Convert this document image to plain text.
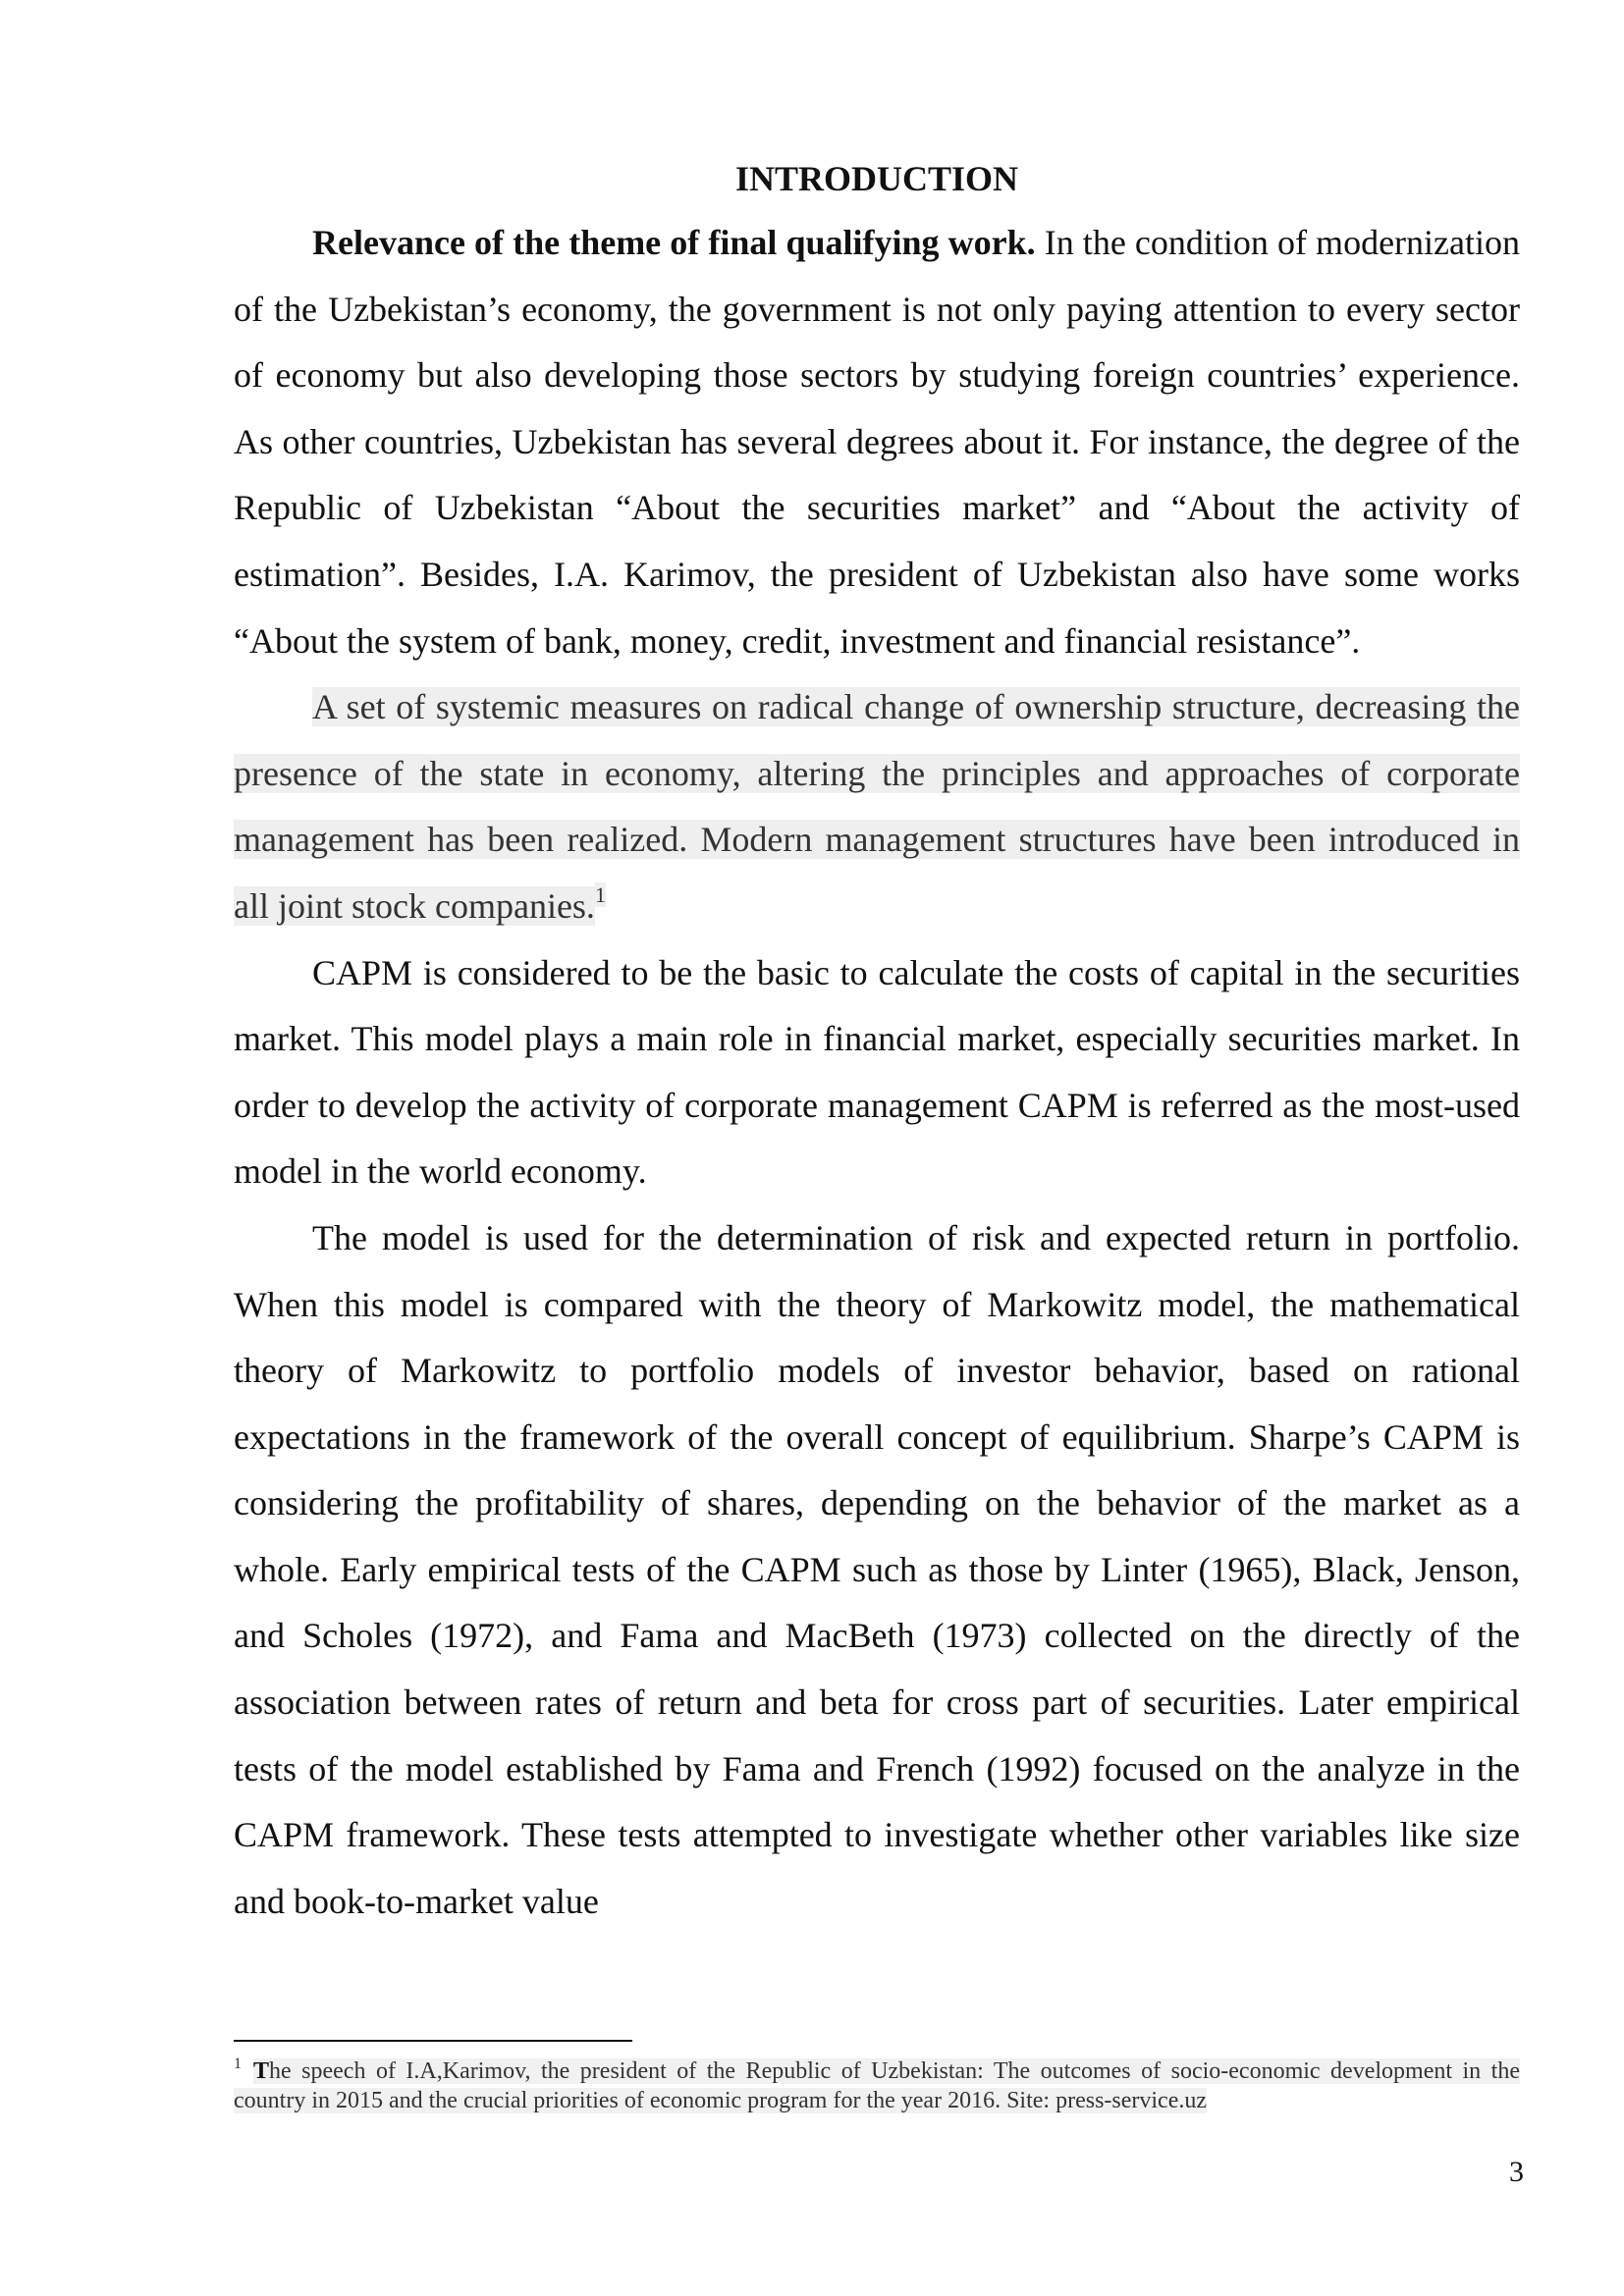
INTRODUCTION

Relevance of the theme of final qualifying work. In the condition of modernization of the Uzbekistan’s economy, the government is not only paying attention to every sector of economy but also developing those sectors by studying foreign countries’ experience. As other countries, Uzbekistan has several degrees about it. For instance, the degree of the Republic of Uzbekistan “About the securities market” and “About the activity of estimation”. Besides, I.A. Karimov, the president of Uzbekistan also have some works “About the system of bank, money, credit, investment and financial resistance”.

A set of systemic measures on radical change of ownership structure, decreasing the presence of the state in economy, altering the principles and approaches of corporate management has been realized. Modern management structures have been introduced in all joint stock companies.$^1$

CAPM is considered to be the basic to calculate the costs of capital in the securities market. This model plays a main role in financial market, especially securities market. In order to develop the activity of corporate management CAPM is referred as the most-used model in the world economy.

The model is used for the determination of risk and expected return in portfolio. When this model is compared with the theory of Markowitz model, the mathematical theory of Markowitz to portfolio models of investor behavior, based on rational expectations in the framework of the overall concept of equilibrium. Sharpe’s CAPM is considering the profitability of shares, depending on the behavior of the market as a whole. Early empirical tests of the CAPM such as those by Linter (1965), Black, Jenson, and Scholes (1972), and Fama and MacBeth (1973) collected on the directly of the association between rates of return and beta for cross part of securities. Later empirical tests of the model established by Fama and French (1992) focused on the analyze in the CAPM framework. These tests attempted to investigate whether other variables like size and book-to-market value

$^1$ The speech of I.A,Karimov, the president of the Republic of Uzbekistan: The outcomes of socio-economic development in the country in 2015 and the crucial priorities of economic program for the year 2016. Site: press-service.uz
3
